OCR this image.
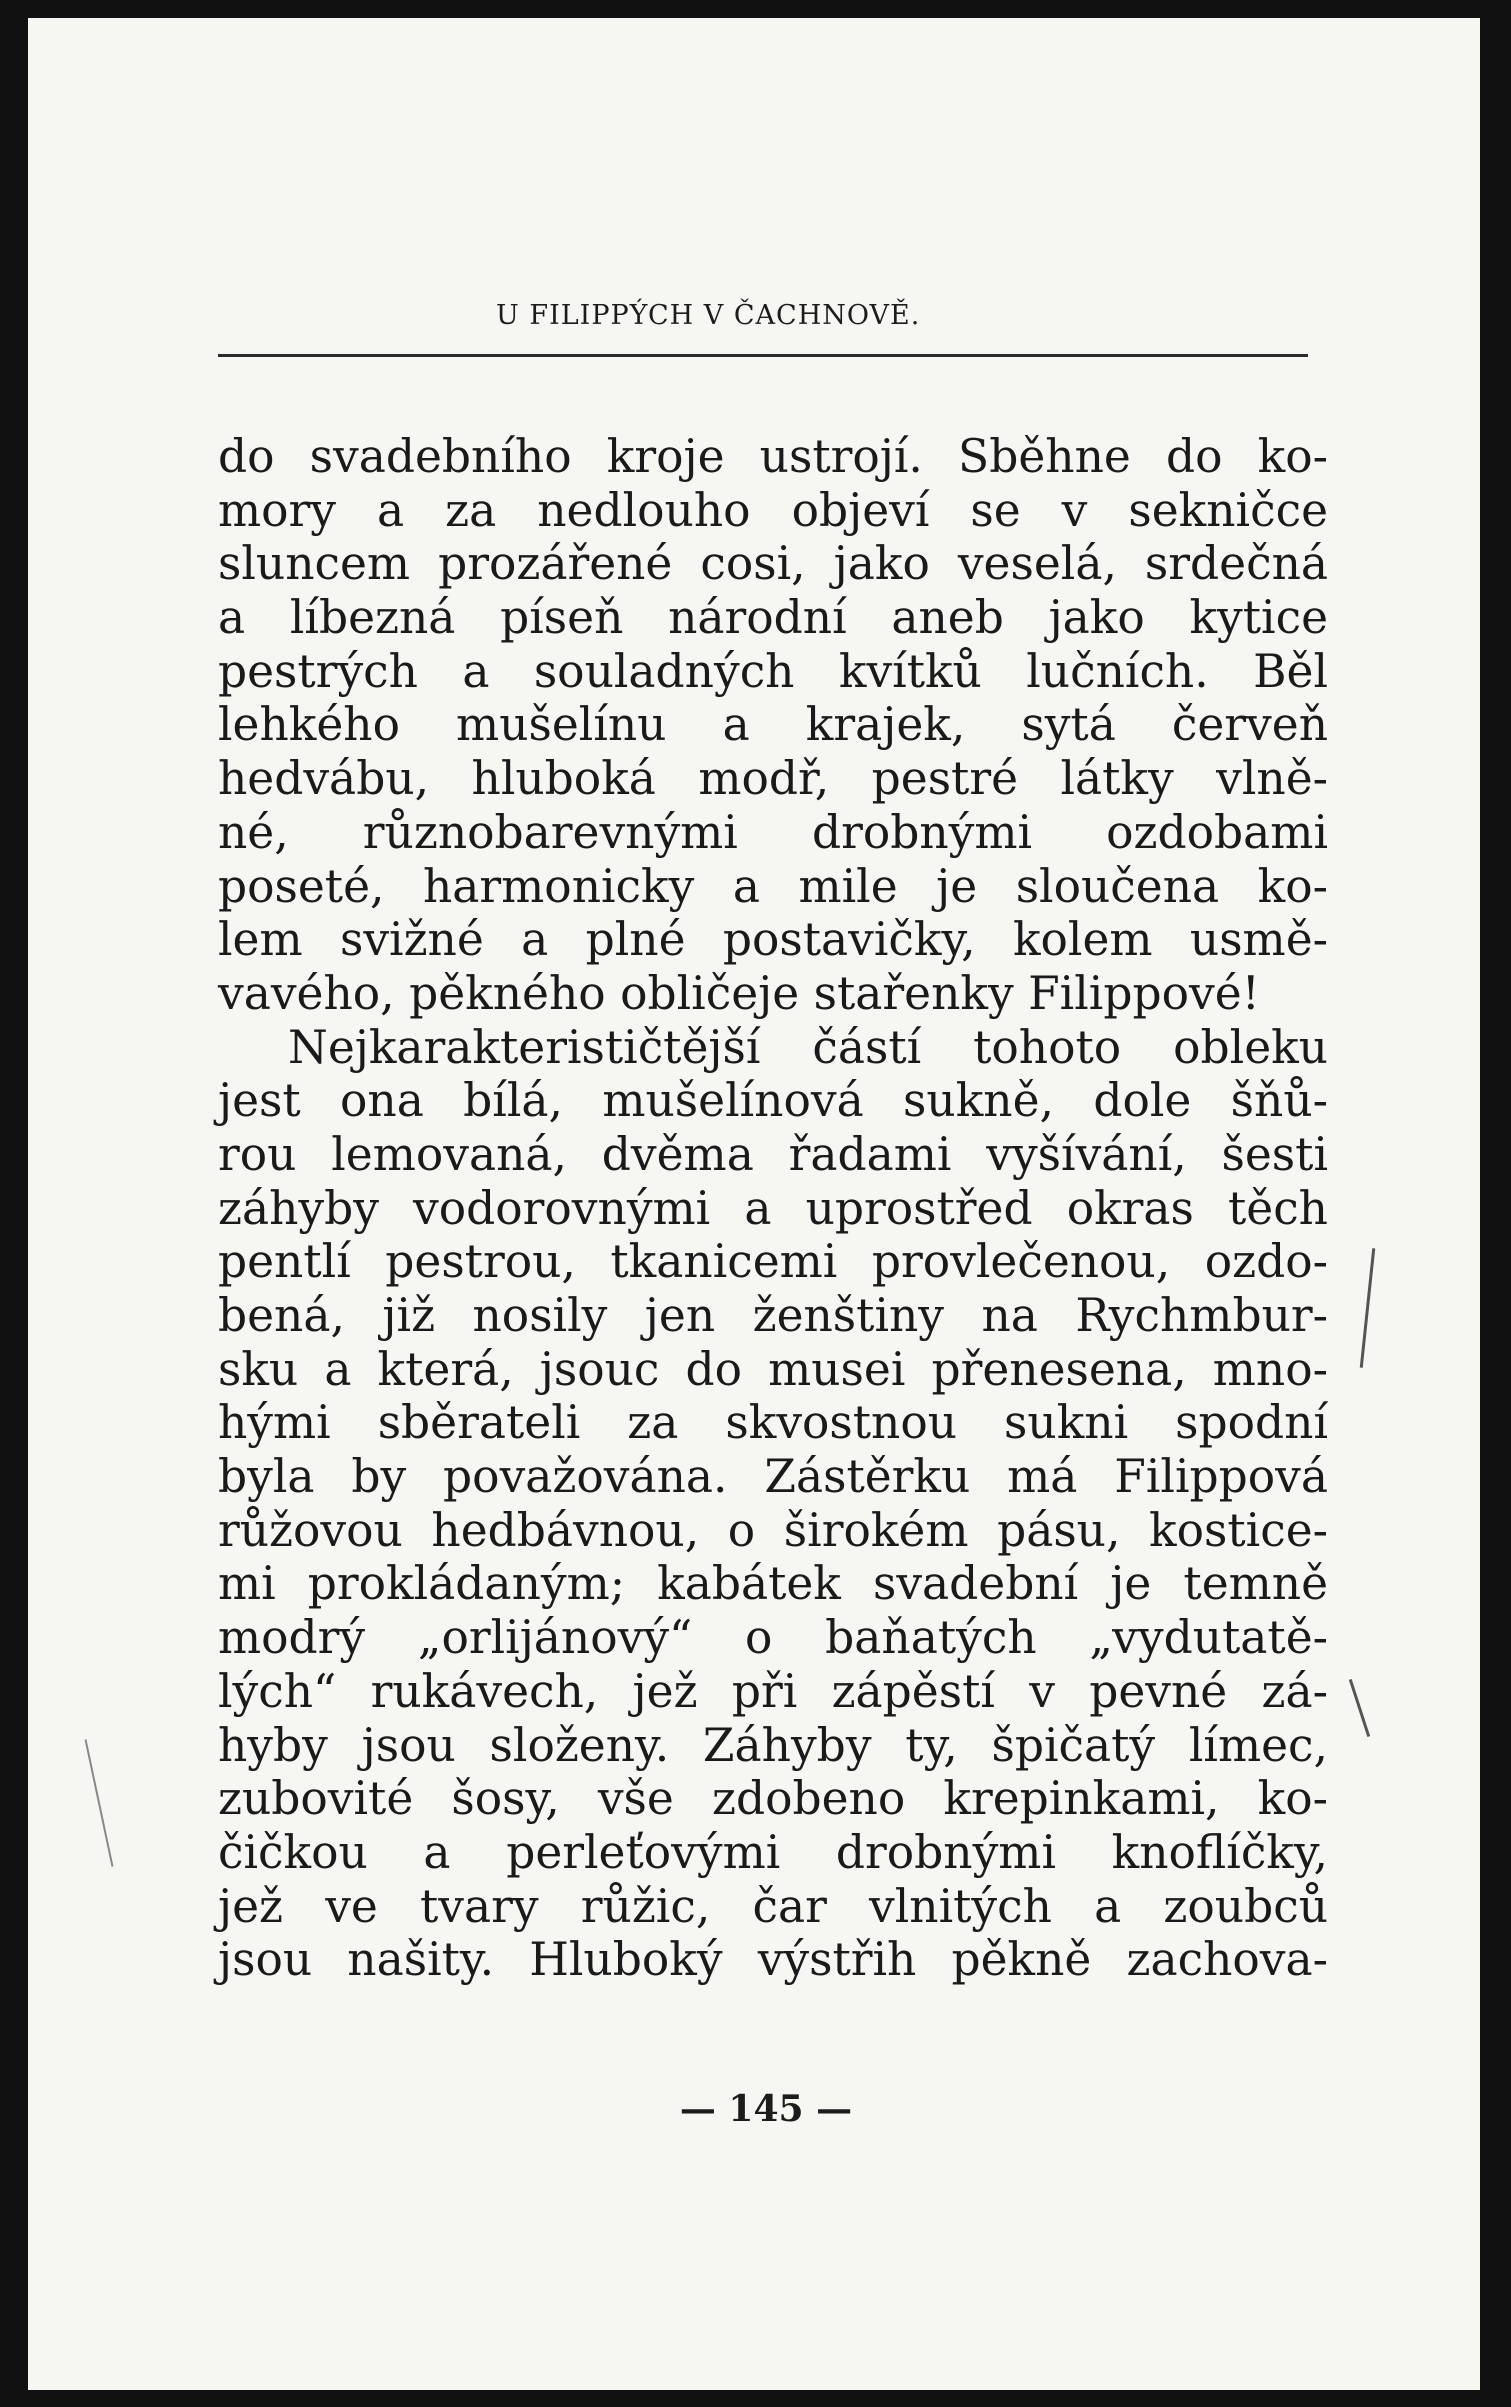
U FILIPPÝCH V ČACHNOVĚ.
do svadebního kroje ustrojí. Sběhne do ko-
mory a za nedlouho objeví se v sekničce
sluncem prozářené cosi, jako veselá, srdečná
a líbezná píseň národní aneb jako kytice
pestrých a souladných kvítků lučních. Běl
lehkého mušelínu a krajek, sytá červeň
hedvábu, hluboká modř, pestré látky vlně-
né, různobarevnými drobnými ozdobami
poseté, harmonicky a mile je sloučena ko-
lem svižné a plné postavičky, kolem usmě-
vavého, pěkného obličeje stařenky Filippové!
Nejkarakterističtější částí tohoto obleku
jest ona bílá, mušelínová sukně, dole šňů-
rou lemovaná, dvěma řadami vyšívání, šesti
záhyby vodorovnými a uprostřed okras těch
pentlí pestrou, tkanicemi provlečenou, ozdo-
bená, již nosily jen ženštiny na Rychmbur-
sku a která, jsouc do musei přenesena, mno-
hými sběrateli za skvostnou sukni spodní
byla by považována. Zástěrku má Filippová
růžovou hedbávnou, o širokém pásu, kostice-
mi prokládaným; kabátek svadební je temně
modrý „orlijánový“ o baňatých „vydutatě-
lých“ rukávech, jež při zápěstí v pevné zá-
hyby jsou složeny. Záhyby ty, špičatý límec,
zubovité šosy, vše zdobeno krepinkami, ko-
čičkou a perleťovými drobnými knoflíčky,
jež ve tvary růžic, čar vlnitých a zoubců
jsou našity. Hluboký výstřih pěkně zachova-
— 145 —
